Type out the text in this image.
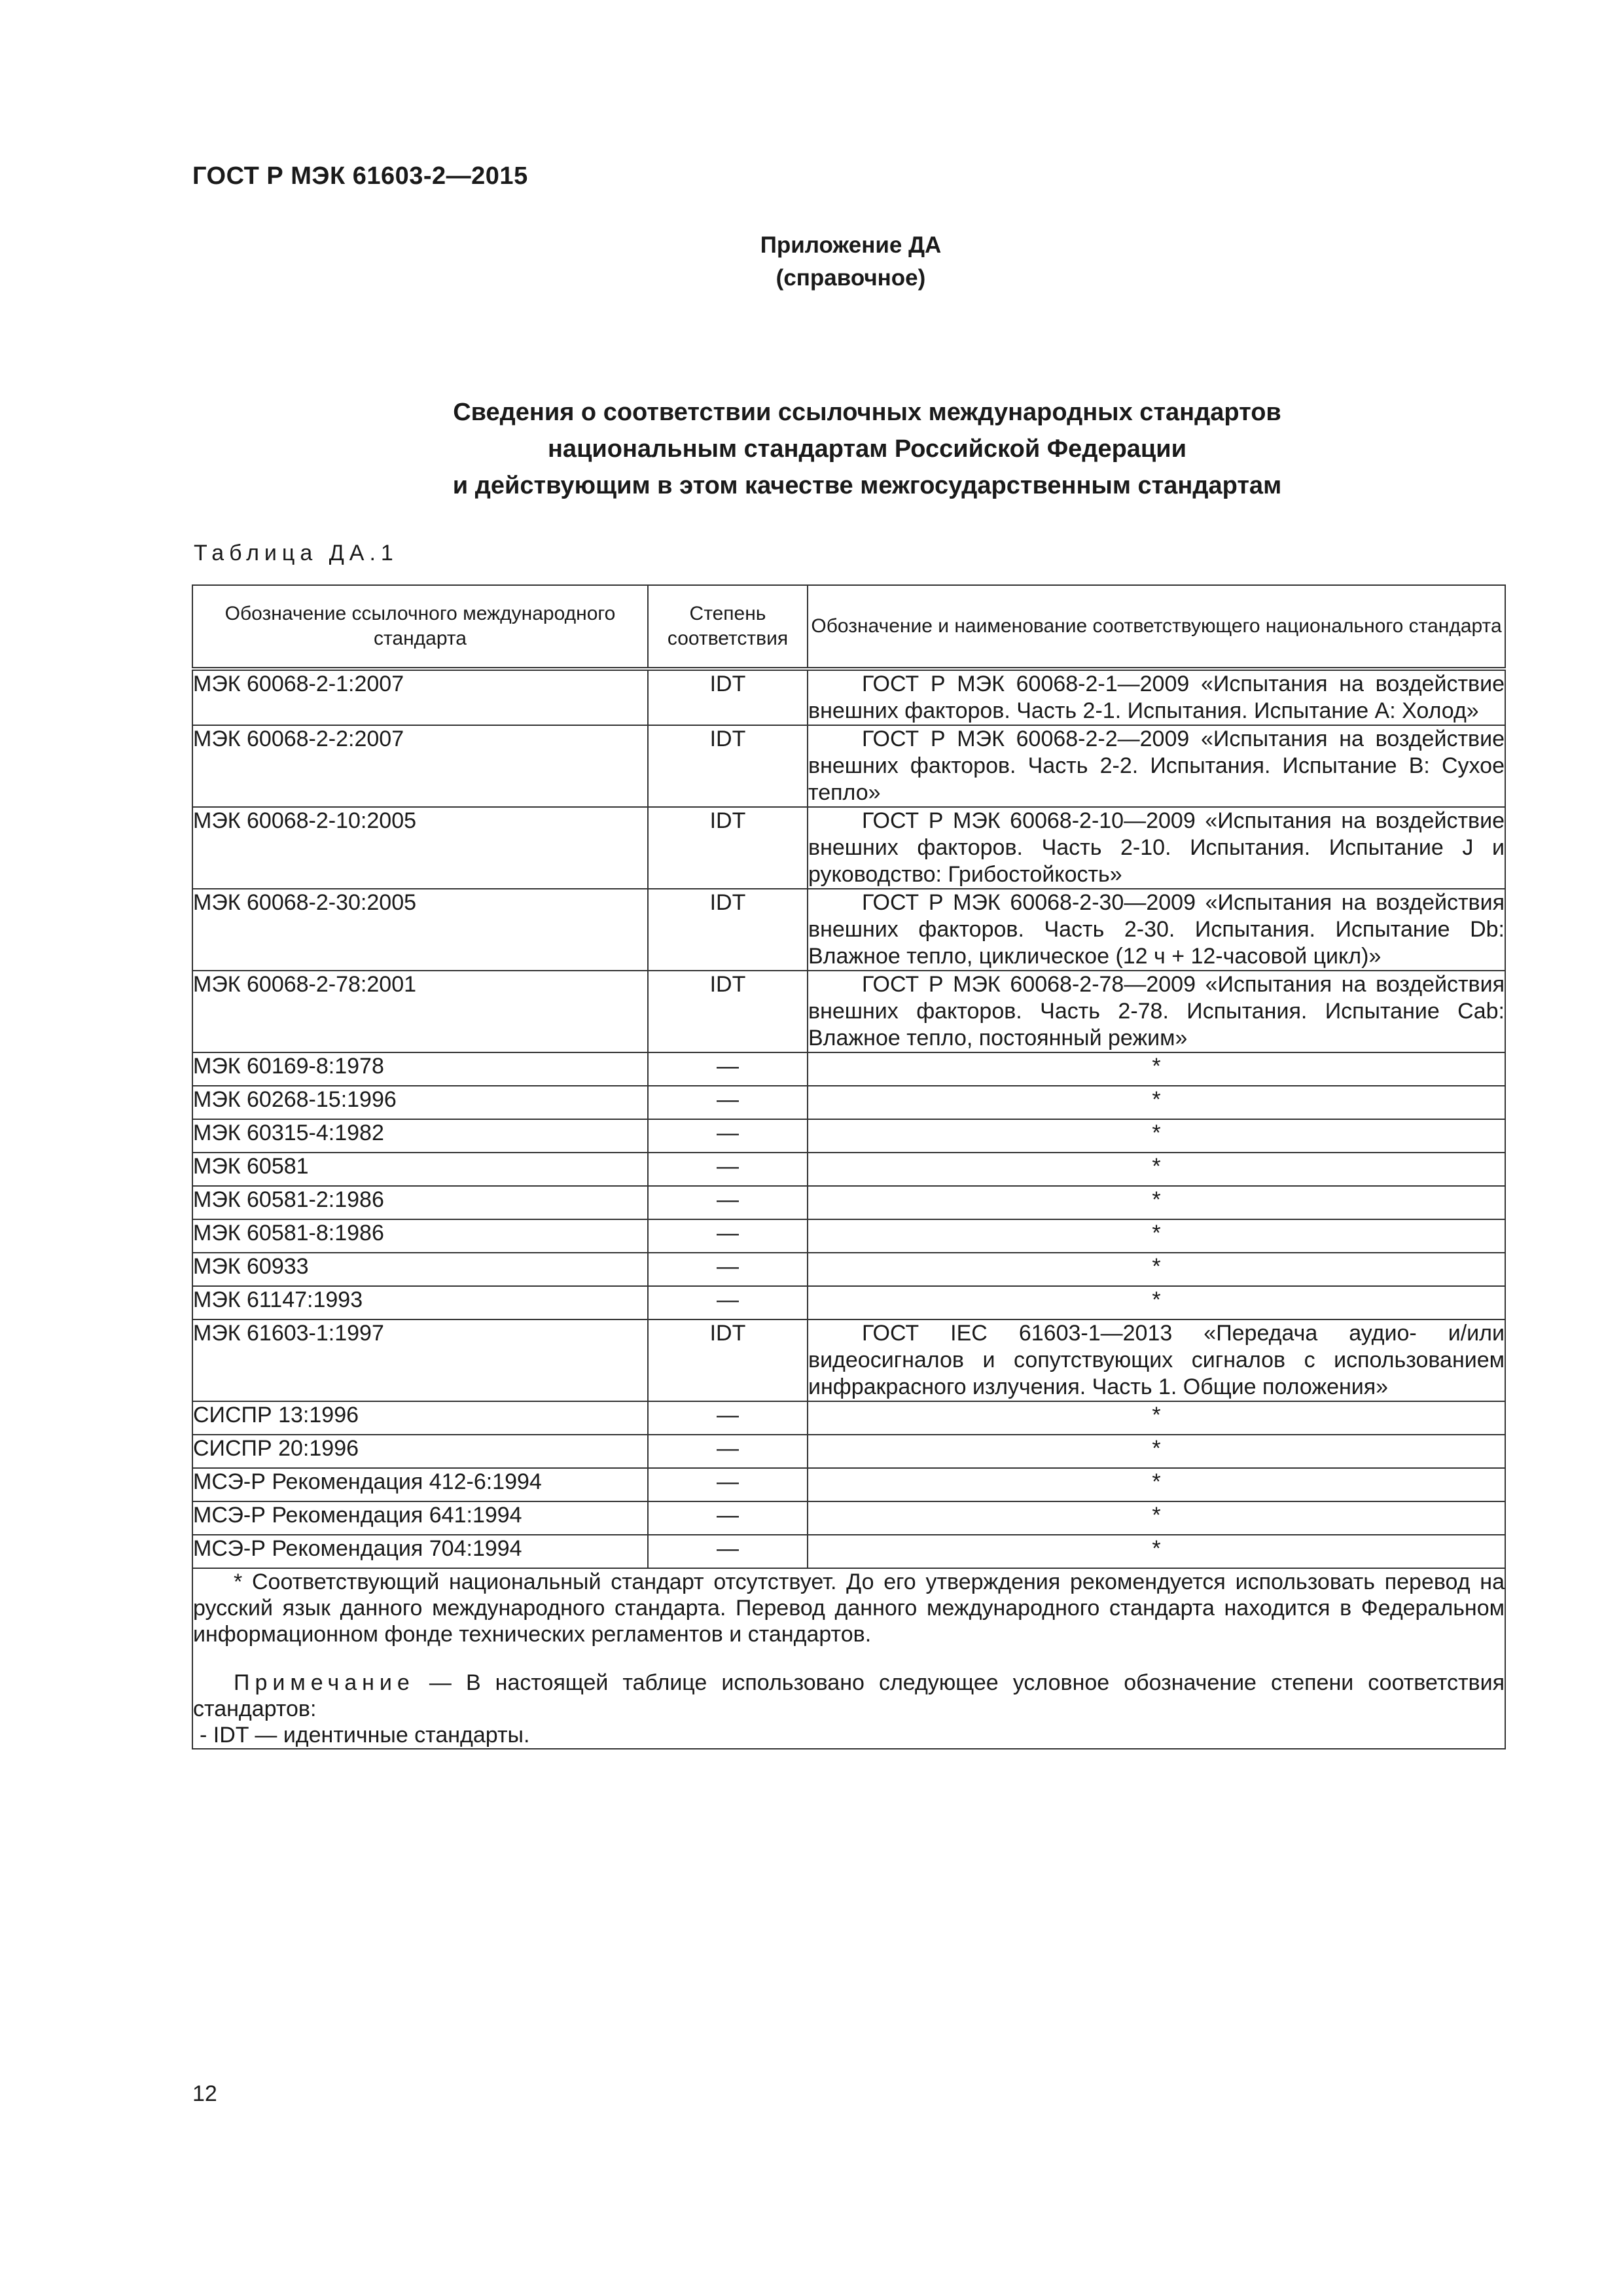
ГОСТ Р МЭК 61603-2—2015
Приложение ДА
(справочное)
Сведения о соответствии ссылочных международных стандартов
национальным стандартам Российской Федерации
и действующим в этом качестве межгосударственным стандартам
Таблица ДА.1
Обозначение ссылочного международного стандарта	Степень соответствия	Обозначение и наименование соответствующего национального стандарта
МЭК 60068-2-1:2007	IDT	ГОСТ Р МЭК 60068-2-1—2009 «Испытания на воздействие внешних факторов. Часть 2-1. Испытания. Испытание А: Холод»
МЭК 60068-2-2:2007	IDT	ГОСТ Р МЭК 60068-2-2—2009 «Испытания на воздействие внешних факторов. Часть 2-2. Испытания. Испытание В: Сухое тепло»
МЭК 60068-2-10:2005	IDT	ГОСТ Р МЭК 60068-2-10—2009 «Испытания на воздействие внешних факторов. Часть 2-10. Испытания. Испытание J и руководство: Грибостойкость»
МЭК 60068-2-30:2005	IDT	ГОСТ Р МЭК 60068-2-30—2009 «Испытания на воздействия внешних факторов. Часть 2-30. Испытания. Испытание Db: Влажное тепло, циклическое (12 ч + 12-часовой цикл)»
МЭК 60068-2-78:2001	IDT	ГОСТ Р МЭК 60068-2-78—2009 «Испытания на воздействия внешних факторов. Часть 2-78. Испытания. Испытание Cab: Влажное тепло, постоянный режим»
МЭК 60169-8:1978	—	*
МЭК 60268-15:1996	—	*
МЭК 60315-4:1982	—	*
МЭК 60581	—	*
МЭК 60581-2:1986	—	*
МЭК 60581-8:1986	—	*
МЭК 60933	—	*
МЭК 61147:1993	—	*
МЭК 61603-1:1997	IDT	ГОСТ IEC 61603-1—2013 «Передача аудио- и/или видеосигналов и сопутствующих сигналов с использованием инфракрасного излучения. Часть 1. Общие положения»
СИСПР 13:1996	—	*
СИСПР 20:1996	—	*
МСЭ-Р Рекомендация 412-6:1994	—	*
МСЭ-Р Рекомендация 641:1994	—	*
МСЭ-Р Рекомендация 704:1994	—	*

* Соответствующий национальный стандарт отсутствует. До его утверждения рекомендуется использовать перевод на русский язык данного международного стандарта. Перевод данного международного стандарта находится в Федеральном информационном фонде технических регламентов и стандартов.

Примечание — В настоящей таблице использовано следующее условное обозначение степени соответствия стандартов:

- IDT — идентичные стандарты.		

12
